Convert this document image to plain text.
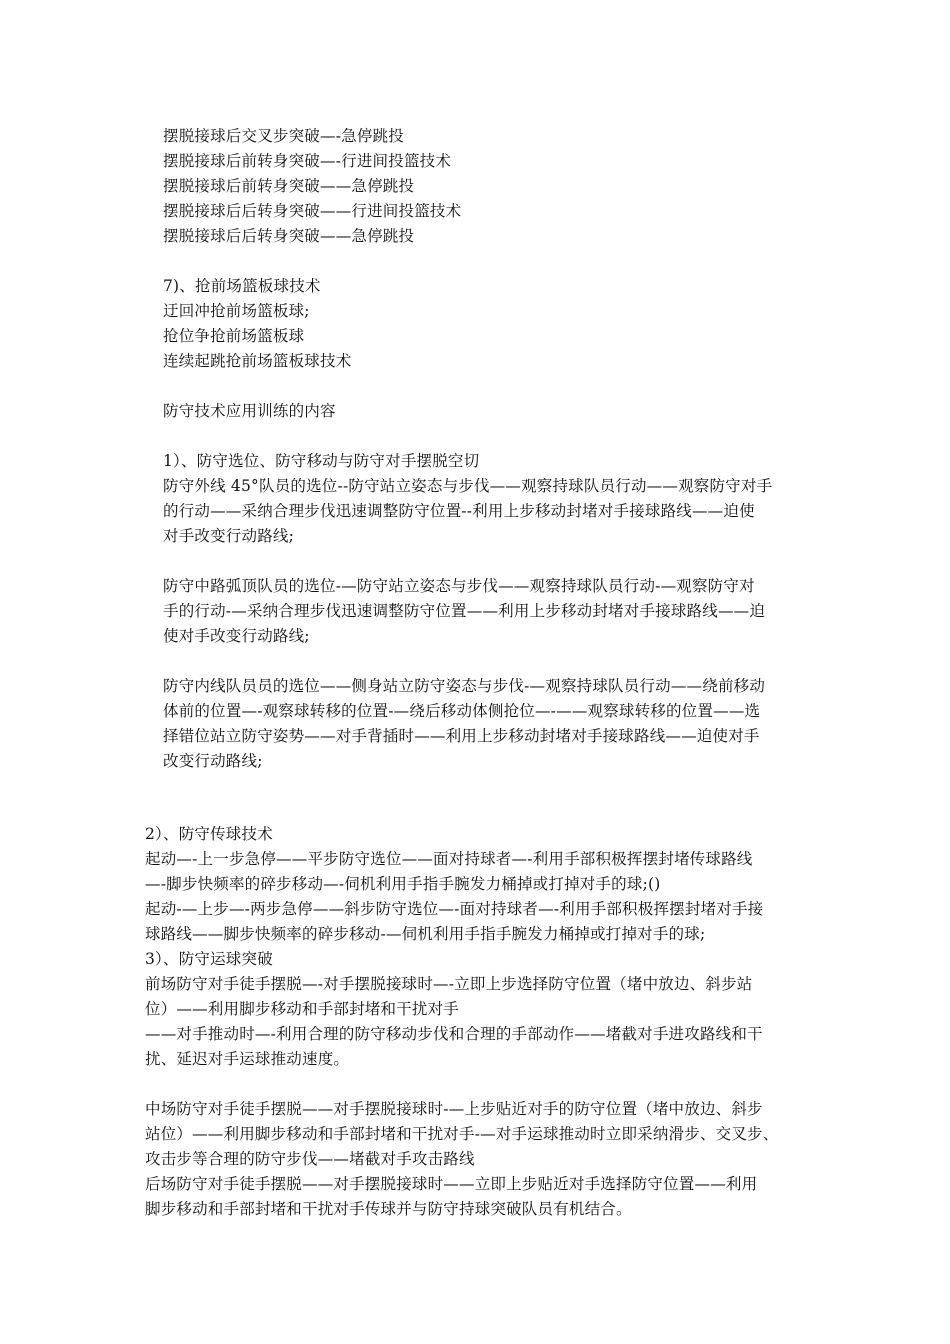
摆脱接球后交叉步突破—-急停跳投
摆脱接球后前转身突破—-行进间投篮技术
摆脱接球后前转身突破——急停跳投
摆脱接球后后转身突破——行进间投篮技术
摆脱接球后后转身突破——急停跳投
7)、抢前场篮板球技术
迂回冲抢前场篮板球;
抢位争抢前场篮板球
连续起跳抢前场篮板球技术
防守技术应用训练的内容
1）、防守选位、防守移动与防守对手摆脱空切
防守外线 45°队员的选位--防守站立姿态与步伐——观察持球队员行动——观察防守对手
的行动——采纳合理步伐迅速调整防守位置--利用上步移动封堵对手接球路线——迫使
对手改变行动路线;
防守中路弧顶队员的选位-—防守站立姿态与步伐——观察持球队员行动-—观察防守对
手的行动-—采纳合理步伐迅速调整防守位置——利用上步移动封堵对手接球路线——迫
使对手改变行动路线;
防守内线队员员的选位——侧身站立防守姿态与步伐-—观察持球队员行动——绕前移动
体前的位置—-观察球转移的位置-—绕后移动体侧抢位—-——观察球转移的位置——选
择错位站立防守姿势——对手背插时——利用上步移动封堵对手接球路线——迫使对手
改变行动路线;
2）、防守传球技术
起动—-上一步急停——平步防守选位——面对持球者—-利用手部积极挥摆封堵传球路线
—-脚步快频率的碎步移动—-伺机利用手指手腕发力桶掉或打掉对手的球;()
起动-—上步—-两步急停——斜步防守选位—-面对持球者—-利用手部积极挥摆封堵对手接
球路线——脚步快频率的碎步移动-—伺机利用手指手腕发力桶掉或打掉对手的球;
3）、防守运球突破
前场防守对手徒手摆脱—-对手摆脱接球时—-立即上步选择防守位置（堵中放边、斜步站
位）——利用脚步移动和手部封堵和干扰对手
——对手推动时—-利用合理的防守移动步伐和合理的手部动作——堵截对手进攻路线和干
扰、延迟对手运球推动速度。
中场防守对手徒手摆脱——对手摆脱接球时-—上步贴近对手的防守位置（堵中放边、斜步
站位）——利用脚步移动和手部封堵和干扰对手-—对手运球推动时立即采纳滑步、交叉步、
攻击步等合理的防守步伐——堵截对手攻击路线
后场防守对手徒手摆脱——对手摆脱接球时——立即上步贴近对手选择防守位置——利用
脚步移动和手部封堵和干扰对手传球并与防守持球突破队员有机结合。
